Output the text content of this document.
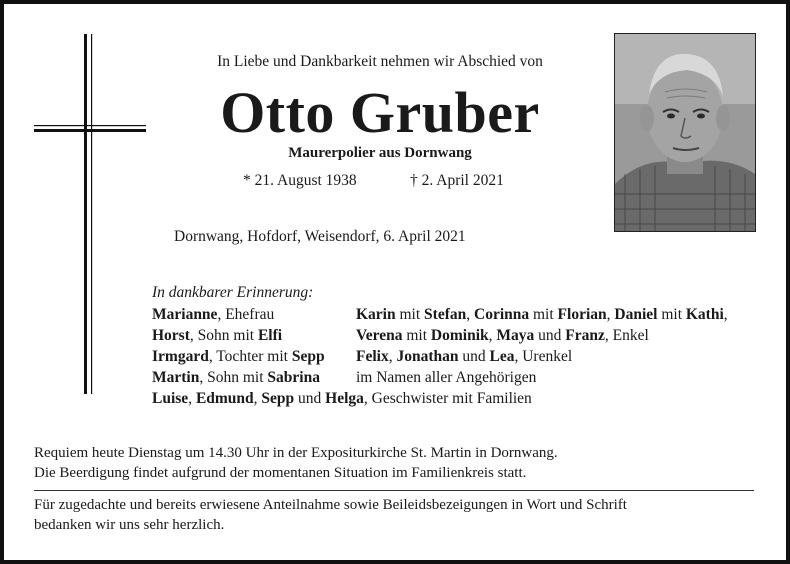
In Liebe und Dankbarkeit nehmen wir Abschied von
Otto Gruber
Maurerpolier aus Dornwang
* 21. August 1938	† 2. April 2021
Dornwang, Hofdorf, Weisendorf, 6. April 2021
In dankbarer Erinnerung:
Marianne, Ehefrau
Horst, Sohn mit Elfi
Irmgard, Tochter mit Sepp
Martin, Sohn mit Sabrina
Karin mit Stefan, Corinna mit Florian, Daniel mit Kathi,
Verena mit Dominik, Maya und Franz, Enkel
Felix, Jonathan und Lea, Urenkel
im Namen aller Angehörigen
Luise, Edmund, Sepp und Helga, Geschwister mit Familien
Requiem heute Dienstag um 14.30 Uhr in der Expositurkirche St. Martin in Dornwang.
Die Beerdigung findet aufgrund der momentanen Situation im Familienkreis statt.
Für zugedachte und bereits erwiesene Anteilnahme sowie Beileidsbezeigungen in Wort und Schrift
bedanken wir uns sehr herzlich.
